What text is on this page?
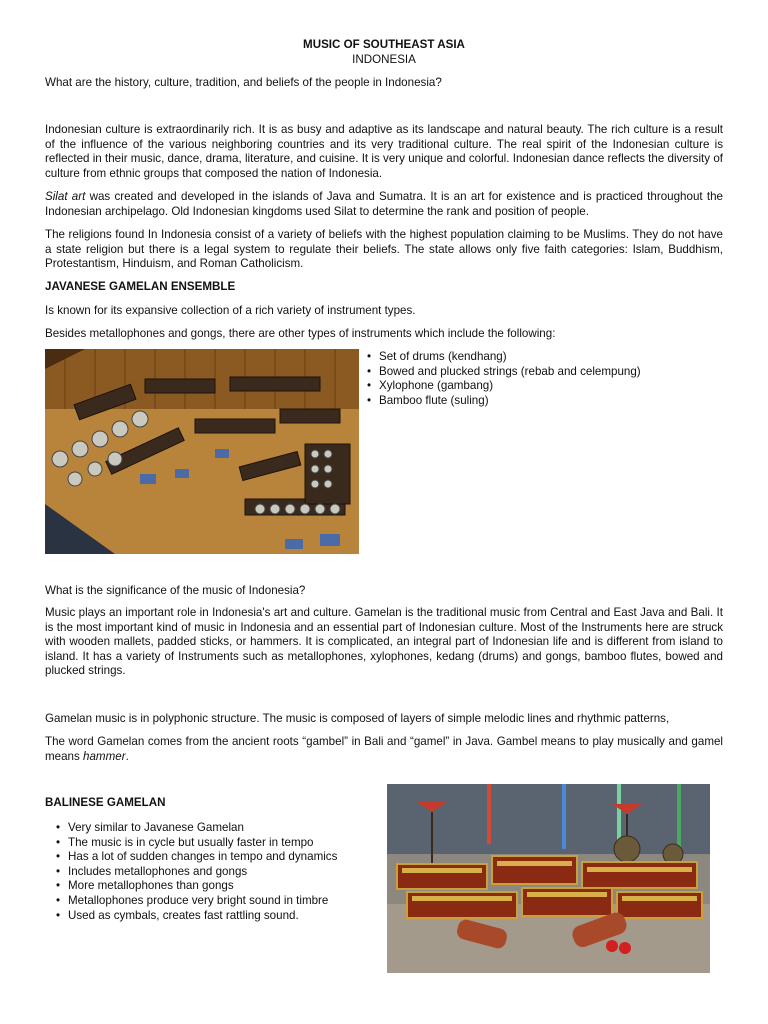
MUSIC OF SOUTHEAST ASIA
INDONESIA
What are the history, culture, tradition, and beliefs of the people in Indonesia?
Indonesian culture is extraordinarily rich. It is as busy and adaptive as its landscape and natural beauty. The rich culture is a result of the influence of the various neighboring countries and its very traditional culture. The real spirit of the Indonesian culture is reflected in their music, dance, drama, literature, and cuisine. It is very unique and colorful. Indonesian dance reflects the diversity of culture from ethnic groups that composed the nation of Indonesia.
Silat art was created and developed in the islands of Java and Sumatra. It is an art for existence and is practiced throughout the Indonesian archipelago. Old Indonesian kingdoms used Silat to determine the rank and position of people.
The religions found In Indonesia consist of a variety of beliefs with the highest population claiming to be Muslims. They do not have a state religion but there is a legal system to regulate their beliefs. The state allows only five faith categories: Islam, Buddhism, Protestantism, Hinduism, and Roman Catholicism.
JAVANESE GAMELAN ENSEMBLE
Is known for its expansive collection of a rich variety of instrument types.
Besides metallophones and gongs, there are other types of instruments which include the following:
• Set of drums (kendhang)
• Bowed and plucked strings (rebab and celempung)
• Xylophone (gambang)
• Bamboo flute (suling)
What is the significance of the music of Indonesia?
Music plays an important role in Indonesia's art and culture. Gamelan is the traditional music from Central and East Java and Bali. It is the most important kind of music in Indonesia and an essential part of Indonesian culture. Most of the Instruments here are struck with wooden mallets, padded sticks, or hammers. It is complicated, an integral part of Indonesian life and is different from island to island. It has a variety of Instruments such as metallophones, xylophones, kedang (drums) and gongs, bamboo flutes, bowed and plucked strings.
Gamelan music is in polyphonic structure. The music is composed of layers of simple melodic lines and rhythmic patterns,
The word Gamelan comes from the ancient roots “gambel” in Bali and “gamel” in Java. Gambel means to play musically and gamel means hammer.
BALINESE GAMELAN
• Very similar to Javanese Gamelan
• The music is in cycle but usually faster in tempo
• Has a lot of sudden changes in tempo and dynamics
• Includes metallophones and gongs
• More metallophones than gongs
• Metallophones produce very bright sound in timbre
• Used as cymbals, creates fast rattling sound.
